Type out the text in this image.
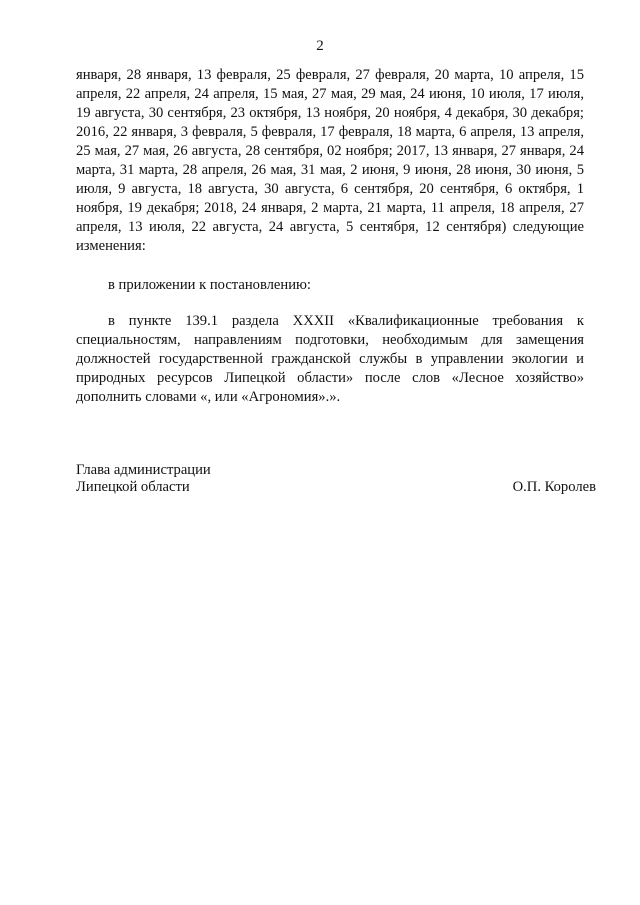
2

января, 28 января, 13 февраля, 25 февраля, 27 февраля, 20 марта, 10 апреля, 15 апреля, 22 апреля, 24 апреля, 15 мая, 27 мая, 29 мая, 24 июня, 10 июля, 17 июля, 19 августа, 30 сентября, 23 октября, 13 ноября, 20 ноября, 4 декабря, 30 декабря; 2016, 22 января, 3 февраля, 5 февраля, 17 февраля, 18 марта, 6 апреля, 13 апреля, 25 мая, 27 мая, 26 августа, 28 сентября, 02 ноября; 2017, 13 января, 27 января, 24 марта, 31 марта, 28 апреля, 26 мая, 31 мая, 2 июня, 9 июня, 28 июня, 30 июня, 5 июля, 9 августа, 18 августа, 30 августа, 6 сентября, 20 сентября, 6 октября, 1 ноября, 19 декабря; 2018, 24 января, 2 марта, 21 марта, 11 апреля, 18 апреля, 27 апреля, 13 июля, 22 августа, 24 августа, 5 сентября, 12 сентября) следующие изменения:

в приложении к постановлению:

в пункте 139.1 раздела XXXII «Квалификационные требования к специальностям, направлениям подготовки, необходимым для замещения должностей государственной гражданской службы в управлении экологии и природных ресурсов Липецкой области» после слов «Лесное хозяйство» дополнить словами «, или «Агрономия».».

Глава администрации
Липецкой области	О.П. Королев
